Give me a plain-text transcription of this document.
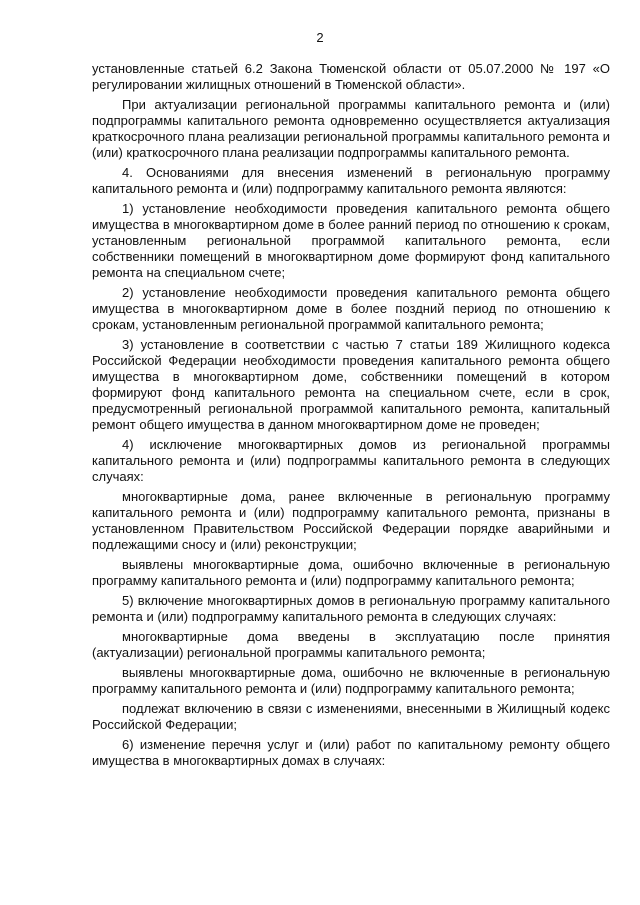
2

установленные статьей 6.2 Закона Тюменской области от 05.07.2000 № 197 «О регулировании жилищных отношений в Тюменской области».

При актуализации региональной программы капитального ремонта и (или) подпрограммы капитального ремонта одновременно осуществляется актуализация краткосрочного плана реализации региональной программы капитального ремонта и (или) краткосрочного плана реализации подпрограммы капитального ремонта.

4. Основаниями для внесения изменений в региональную программу капитального ремонта и (или) подпрограмму капитального ремонта являются:

1) установление необходимости проведения капитального ремонта общего имущества в многоквартирном доме в более ранний период по отношению к срокам, установленным региональной программой капитального ремонта, если собственники помещений в многоквартирном доме формируют фонд капитального ремонта на специальном счете;

2) установление необходимости проведения капитального ремонта общего имущества в многоквартирном доме в более поздний период по отношению к срокам, установленным региональной программой капитального ремонта;

3) установление в соответствии с частью 7 статьи 189 Жилищного кодекса Российской Федерации необходимости проведения капитального ремонта общего имущества в многоквартирном доме, собственники помещений в котором формируют фонд капитального ремонта на специальном счете, если в срок, предусмотренный региональной программой капитального ремонта, капитальный ремонт общего имущества в данном многоквартирном доме не проведен;

4) исключение многоквартирных домов из региональной программы капитального ремонта и (или) подпрограммы капитального ремонта в следующих случаях:

многоквартирные дома, ранее включенные в региональную программу капитального ремонта и (или) подпрограмму капитального ремонта, признаны в установленном Правительством Российской Федерации порядке аварийными и подлежащими сносу и (или) реконструкции;

выявлены многоквартирные дома, ошибочно включенные в региональную программу капитального ремонта и (или) подпрограмму капитального ремонта;

5) включение многоквартирных домов в региональную программу капитального ремонта и (или) подпрограмму капитального ремонта в следующих случаях:

многоквартирные дома введены в эксплуатацию после принятия (актуализации) региональной программы капитального ремонта;

выявлены многоквартирные дома, ошибочно не включенные в региональную программу капитального ремонта и (или) подпрограмму капитального ремонта;

подлежат включению в связи с изменениями, внесенными в Жилищный кодекс Российской Федерации;

6) изменение перечня услуг и (или) работ по капитальному ремонту общего имущества в многоквартирных домах в случаях:
